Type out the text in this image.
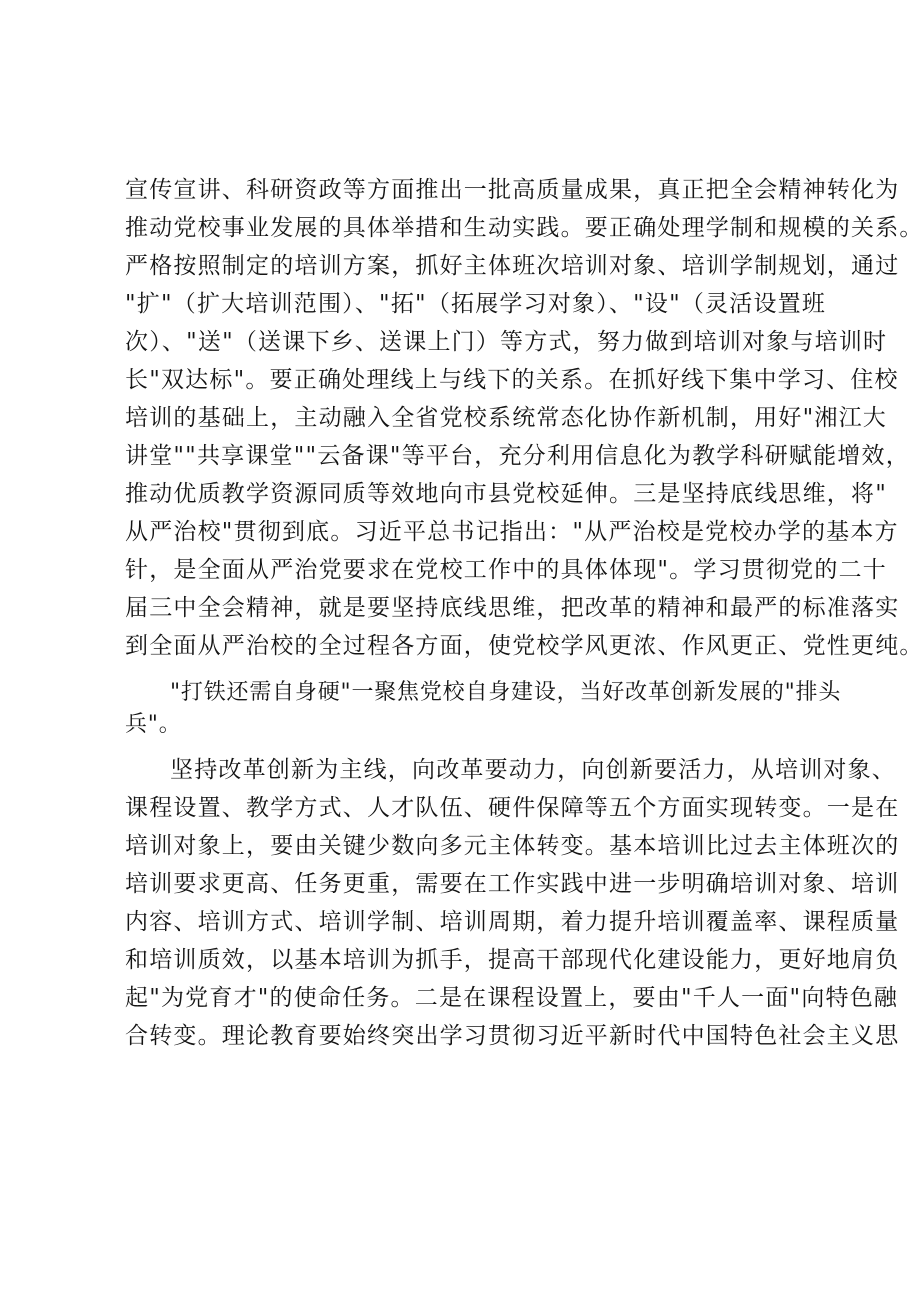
宣传宣讲、科研资政等方面推出一批高质量成果，真正把全会精神转化为
推动党校事业发展的具体举措和生动实践。要正确处理学制和规模的关系。
严格按照制定的培训方案，抓好主体班次培训对象、培训学制规划，通过
"扩"（扩大培训范围）、"拓"（拓展学习对象）、"设"（灵活设置班
次）、"送"（送课下乡、送课上门）等方式，努力做到培训对象与培训时
长"双达标"。要正确处理线上与线下的关系。在抓好线下集中学习、住校
培训的基础上，主动融入全省党校系统常态化协作新机制，用好"湘江大
讲堂""共享课堂""云备课"等平台，充分利用信息化为教学科研赋能增效，
推动优质教学资源同质等效地向市县党校延伸。三是坚持底线思维，将"
从严治校"贯彻到底。习近平总书记指出："从严治校是党校办学的基本方
针，是全面从严治党要求在党校工作中的具体体现"。学习贯彻党的二十
届三中全会精神，就是要坚持底线思维，把改革的精神和最严的标准落实
到全面从严治校的全过程各方面，使党校学风更浓、作风更正、党性更纯。
"打铁还需自身硬"一聚焦党校自身建设，当好改革创新发展的"排头
兵"。
坚持改革创新为主线，向改革要动力，向创新要活力，从培训对象、
课程设置、教学方式、人才队伍、硬件保障等五个方面实现转变。一是在
培训对象上，要由关键少数向多元主体转变。基本培训比过去主体班次的
培训要求更高、任务更重，需要在工作实践中进一步明确培训对象、培训
内容、培训方式、培训学制、培训周期，着力提升培训覆盖率、课程质量
和培训质效，以基本培训为抓手，提高干部现代化建设能力，更好地肩负
起"为党育才"的使命任务。二是在课程设置上，要由"千人一面"向特色融
合转变。理论教育要始终突出学习贯彻习近平新时代中国特色社会主义思
